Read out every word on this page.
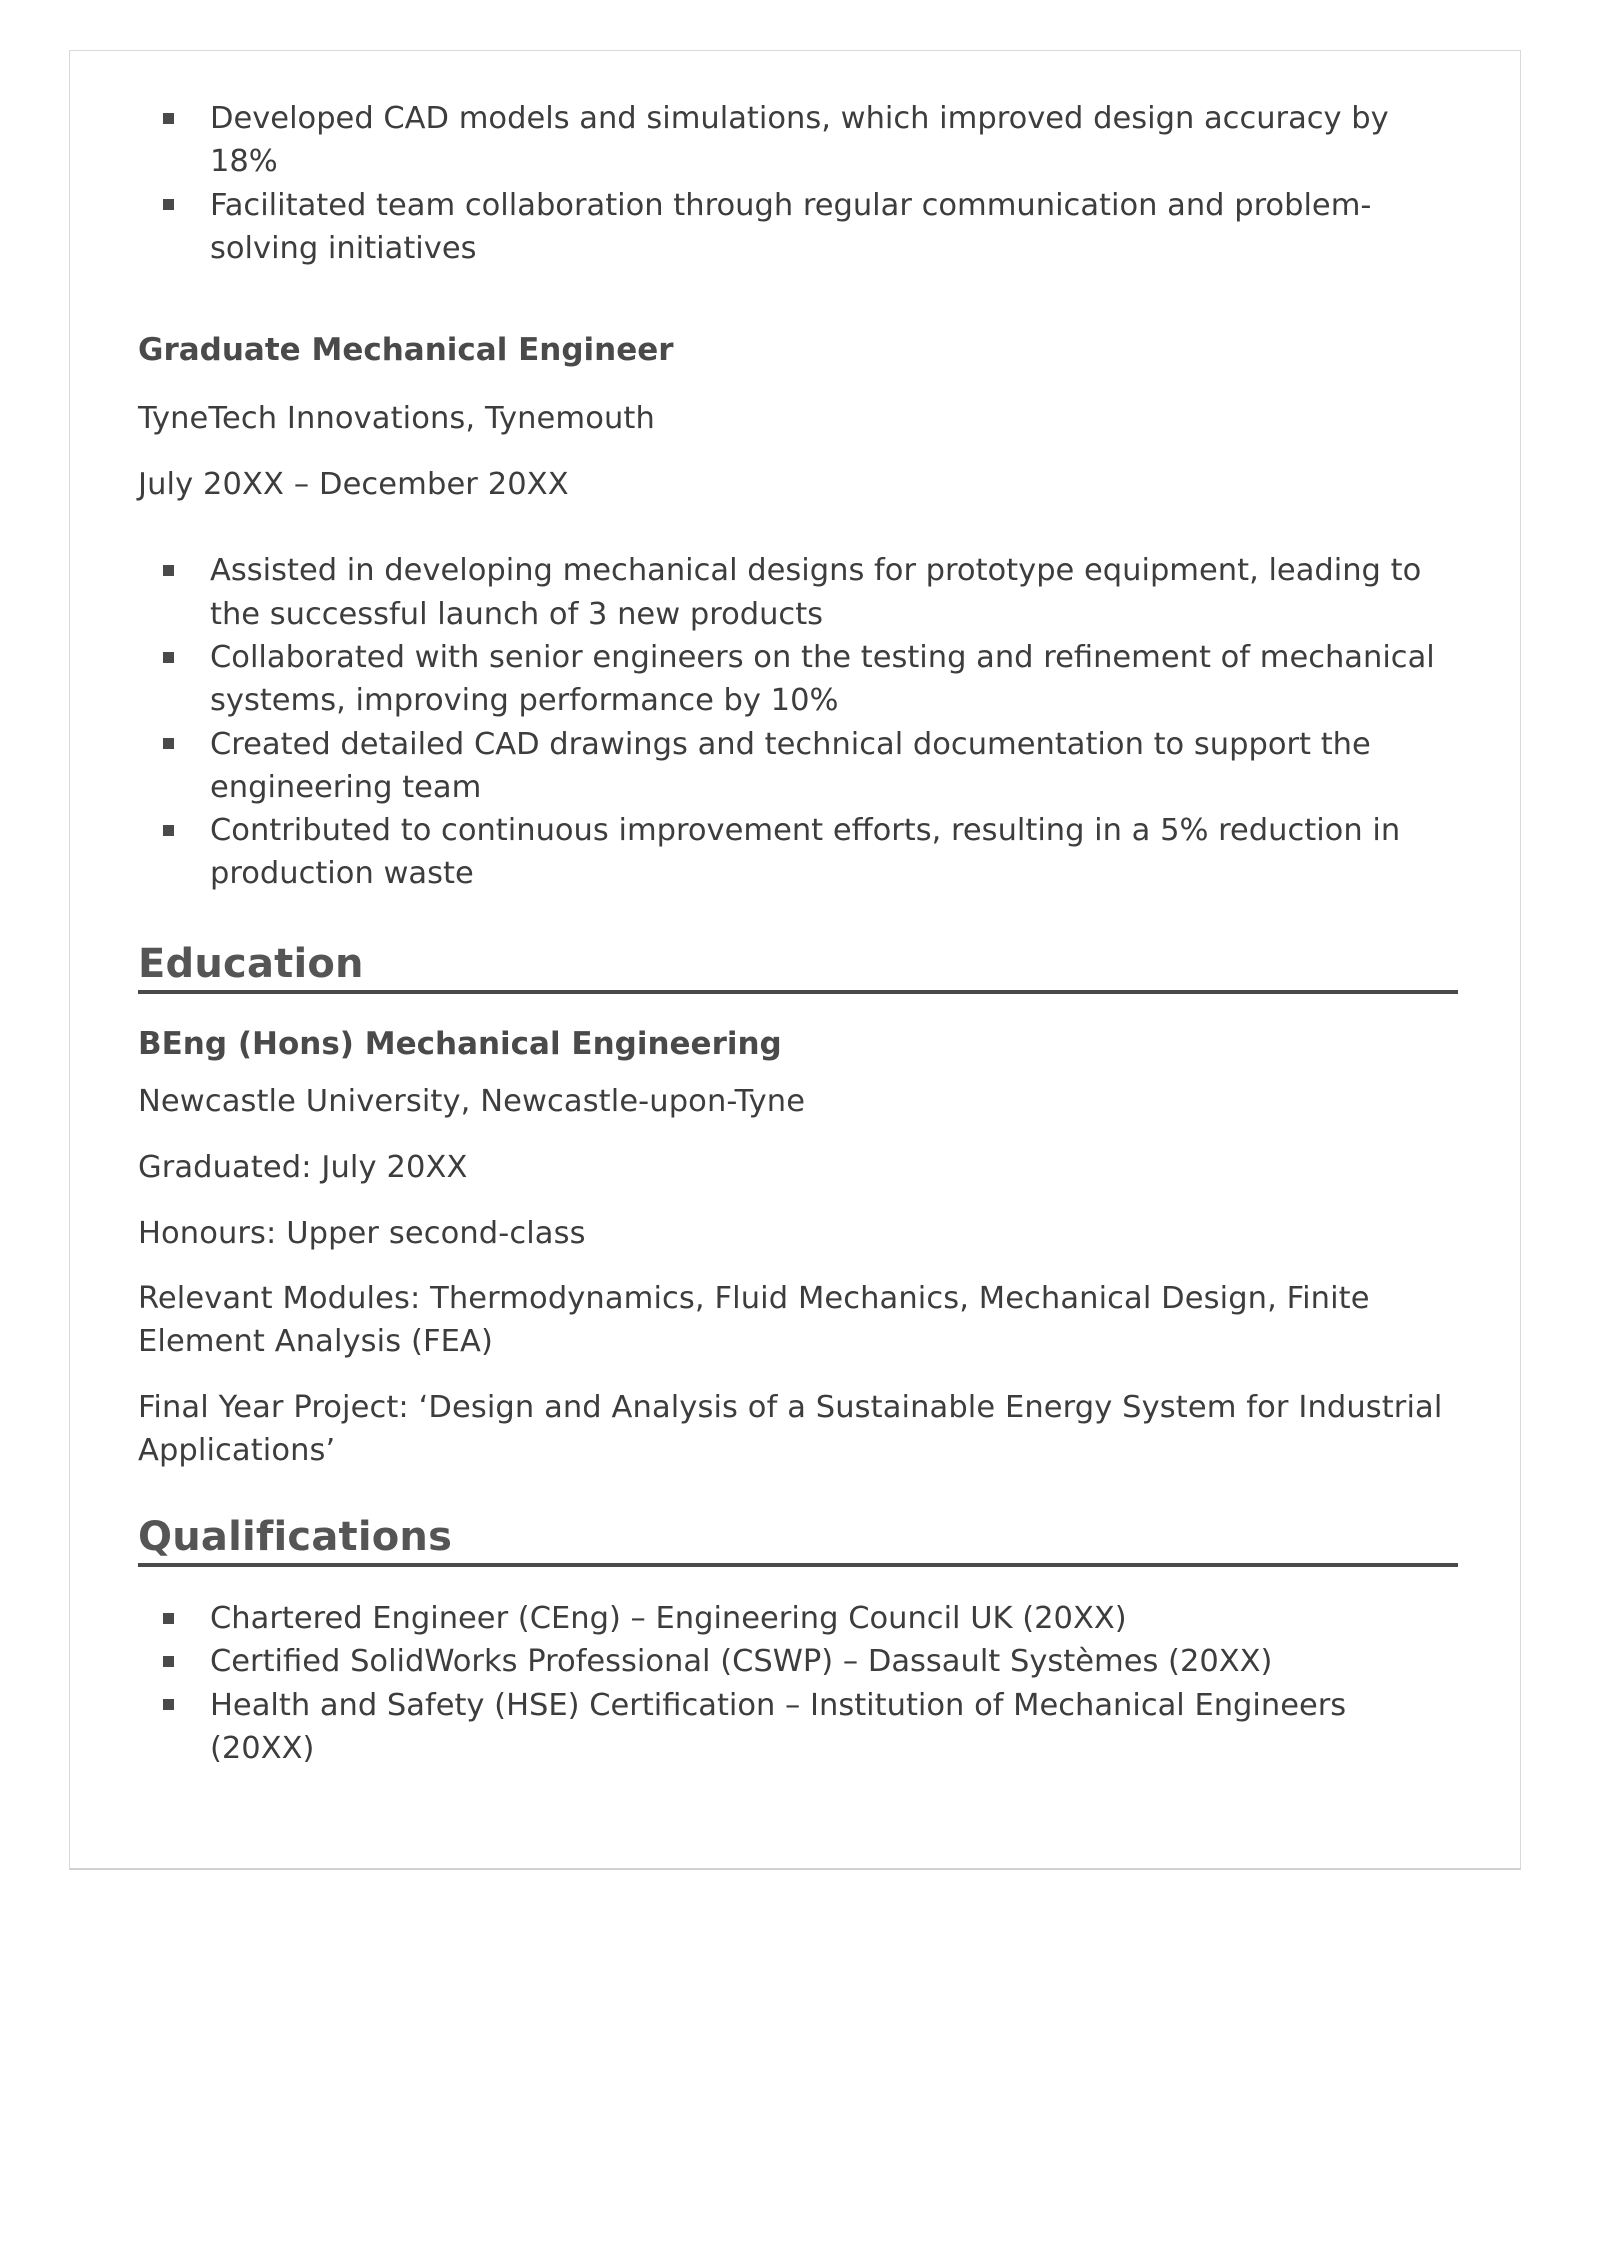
Developed CAD models and simulations, which improved design accuracy by 18%
Facilitated team collaboration through regular communication and problem-solving initiatives
Graduate Mechanical Engineer
TyneTech Innovations, Tynemouth
July 20XX – December 20XX
Assisted in developing mechanical designs for prototype equipment, leading to the successful launch of 3 new products
Collaborated with senior engineers on the testing and refinement of mechanical systems, improving performance by 10%
Created detailed CAD drawings and technical documentation to support the engineering team
Contributed to continuous improvement efforts, resulting in a 5% reduction in production waste
Education
BEng (Hons) Mechanical Engineering
Newcastle University, Newcastle-upon-Tyne
Graduated: July 20XX
Honours: Upper second-class
Relevant Modules: Thermodynamics, Fluid Mechanics, Mechanical Design, Finite Element Analysis (FEA)
Final Year Project: ‘Design and Analysis of a Sustainable Energy System for Industrial Applications’
Qualifications
Chartered Engineer (CEng) – Engineering Council UK (20XX)
Certified SolidWorks Professional (CSWP) – Dassault Systèmes (20XX)
Health and Safety (HSE) Certification – Institution of Mechanical Engineers (20XX)
